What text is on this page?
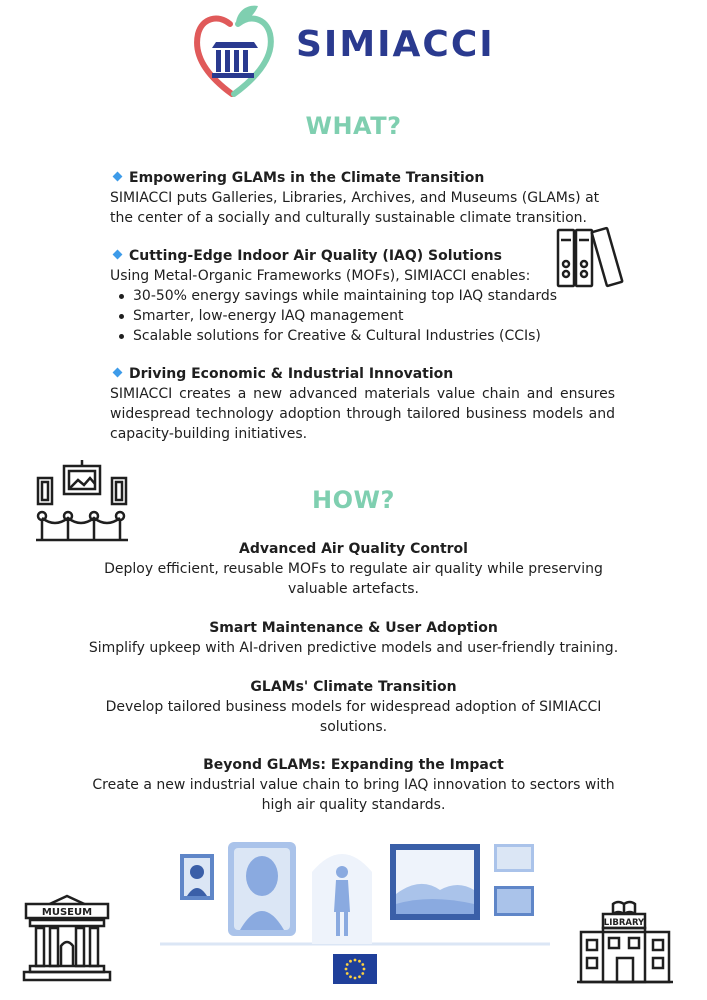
SIMIACCI
WHAT?
Empowering GLAMs in the Climate Transition
SIMIACCI puts Galleries, Libraries, Archives, and Museums (GLAMs) at the center of a socially and culturally sustainable climate transition.
Cutting-Edge Indoor Air Quality (IAQ) Solutions
Using Metal-Organic Frameworks (MOFs), SIMIACCI enables:
30-50% energy savings while maintaining top IAQ standards
Smarter, low-energy IAQ management
Scalable solutions for Creative & Cultural Industries (CCIs)
Driving Economic & Industrial Innovation
SIMIACCI creates a new advanced materials value chain and ensures widespread technology adoption through tailored business models and capacity-building initiatives.
HOW?

Advanced Air Quality Control

Deploy efficient, reusable MOFs to regulate air quality while preserving

valuable artefacts.

Smart Maintenance & User Adoption

Simplify upkeep with AI-driven predictive models and user-friendly training.

GLAMs' Climate Transition

Develop tailored business models for widespread adoption of SIMIACCI

solutions.

Beyond GLAMs: Expanding the Impact

Create a new industrial value chain to bring IAQ innovation to sectors with

high air quality standards.

MUSEUM
LIBRARY
